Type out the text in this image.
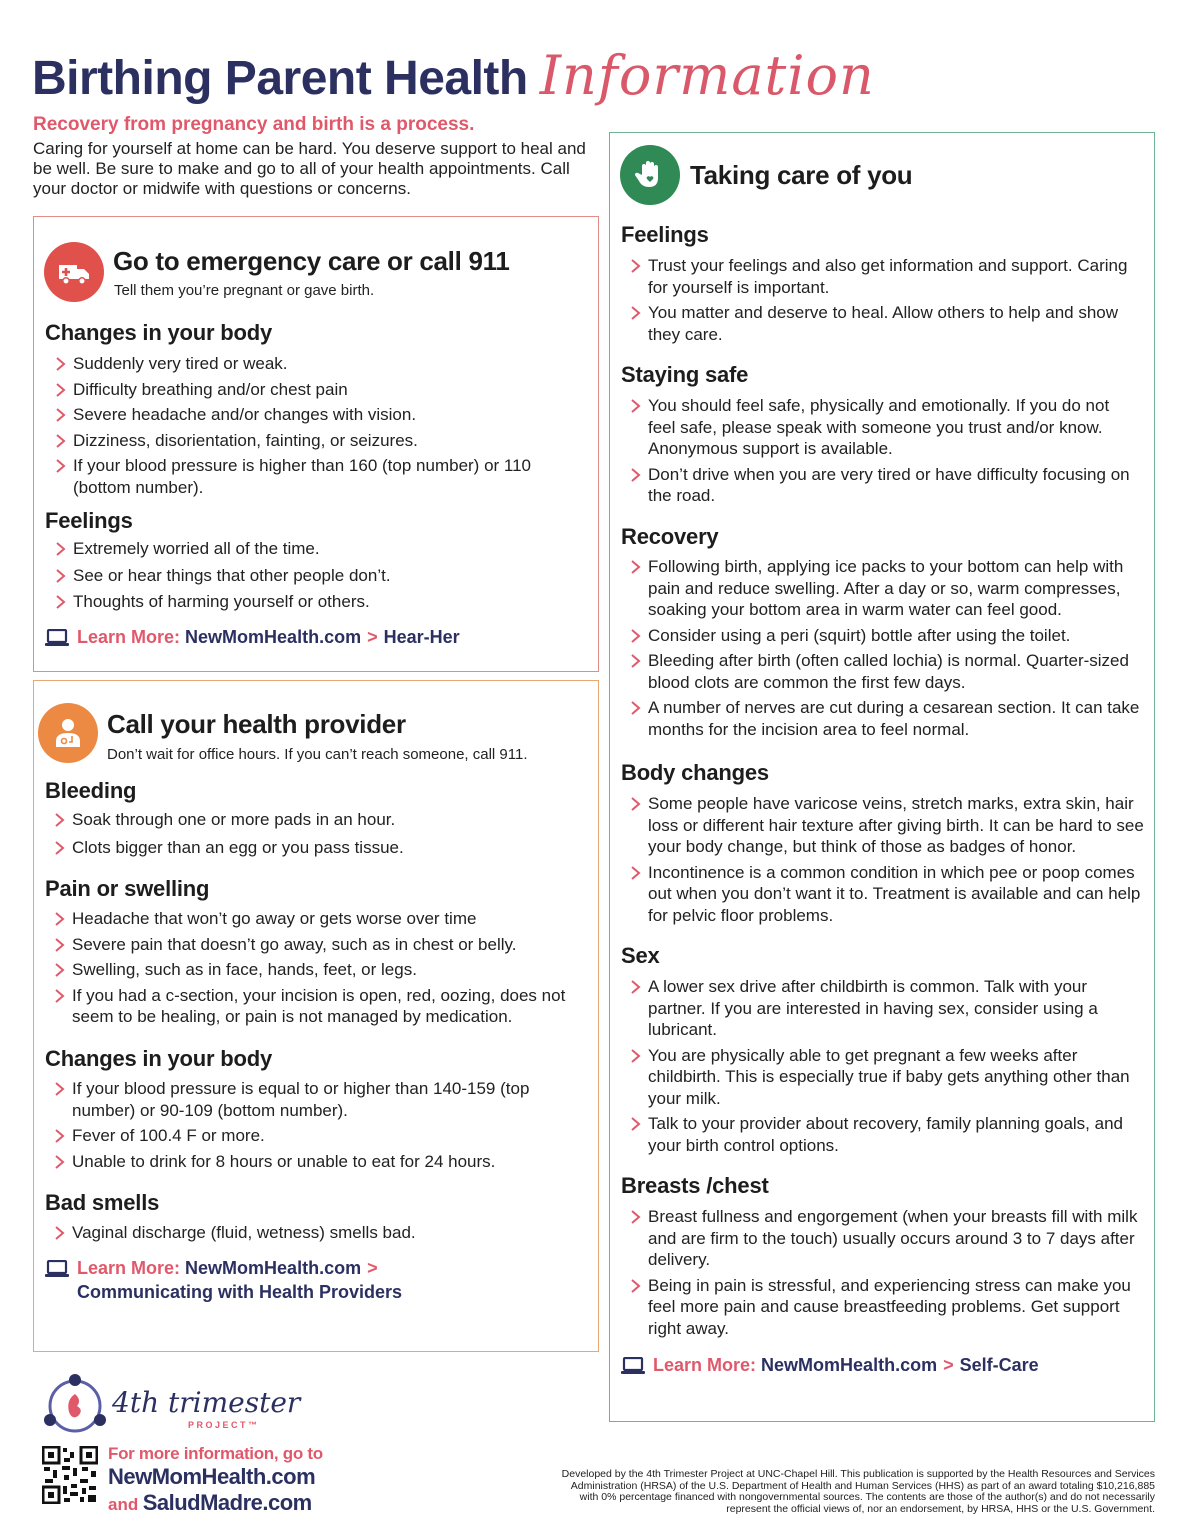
Birthing Parent Health Information
Recovery from pregnancy and birth is a process.
Caring for yourself at home can be hard. You deserve support to heal and be well. Be sure to make and go to all of your health appointments. Call your doctor or midwife with questions or concerns.
Go to emergency care or call 911
Tell them you’re pregnant or gave birth.
Changes in your body
Suddenly very tired or weak.
Difficulty breathing and/or chest pain
Severe headache and/or changes with vision.
Dizziness, disorientation, fainting, or seizures.
If your blood pressure is higher than 160 (top number) or 110 (bottom number).
Feelings
Extremely worried all of the time.
See or hear things that other people don’t.
Thoughts of harming yourself or others.
Learn More:
NewMomHealth.com > Hear-Her
Call your health provider
Don’t wait for office hours. If you can’t reach someone, call 911.
Bleeding
Soak through one or more pads in an hour.
Clots bigger than an egg or you pass tissue.
Pain or swelling
Headache that won’t go away or gets worse over time
Severe pain that doesn’t go away, such as in chest or belly.
Swelling, such as in face, hands, feet, or legs.
If you had a c-section, your incision is open, red, oozing, does not seem to be healing, or pain is not managed by medication.
Changes in your body
If your blood pressure is equal to or higher than 140-159 (top number) or 90-109 (bottom number).
Fever of 100.4 F or more.
Unable to drink for 8 hours or unable to eat for 24 hours.
Bad smells
Vaginal discharge (fluid, wetness) smells bad.
Learn More:
NewMomHealth.com >
Communicating with Health Providers
Taking care of you
Feelings
Trust your feelings and also get information and support. Caring for yourself is important.
You matter and deserve to heal. Allow others to help and show they care.
Staying safe
You should feel safe, physically and emotionally. If you do not feel safe, please speak with someone you trust and/or know. Anonymous support is available.
Don’t drive when you are very tired or have difficulty focusing on the road.
Recovery
Following birth, applying ice packs to your bottom can help with pain and reduce swelling. After a day or so, warm compresses, soaking your bottom area in warm water can feel good.
Consider using a peri (squirt) bottle after using the toilet.
Bleeding after birth (often called lochia) is normal. Quarter-sized blood clots are common the first few days.
A number of nerves are cut during a cesarean section. It can take months for the incision area to feel normal.
Body changes
Some people have varicose veins, stretch marks, extra skin, hair loss or different hair texture after giving birth. It can be hard to see your body change, but think of those as badges of honor.
Incontinence is a common condition in which pee or poop comes out when you don’t want it to. Treatment is available and can help for pelvic floor problems.
Sex
A lower sex drive after childbirth is common. Talk with your partner. If you are interested in having sex, consider using a lubricant.
You are physically able to get pregnant a few weeks after childbirth. This is especially true if baby gets anything other than your milk.
Talk to your provider about recovery, family planning goals, and your birth control options.
Breasts /chest
Breast fullness and engorgement (when your breasts fill with milk and are firm to the touch) usually occurs around 3 to 7 days after delivery.
Being in pain is stressful, and experiencing stress can make you feel more pain and cause breastfeeding problems. Get support right away.
Learn More:
NewMomHealth.com > Self-Care
4th trimester
PROJECT™
For more information, go to
NewMomHealth.com
and SaludMadre.com
Developed by the 4th Trimester Project at UNC-Chapel Hill. This publication is supported by the Health Resources and Services Administration (HRSA) of the U.S. Department of Health and Human Services (HHS) as part of an award totaling $10,216,885 with 0% percentage financed with nongovernmental sources. The contents are those of the author(s) and do not necessarily represent the official views of, nor an endorsement, by HRSA, HHS or the U.S. Government.
